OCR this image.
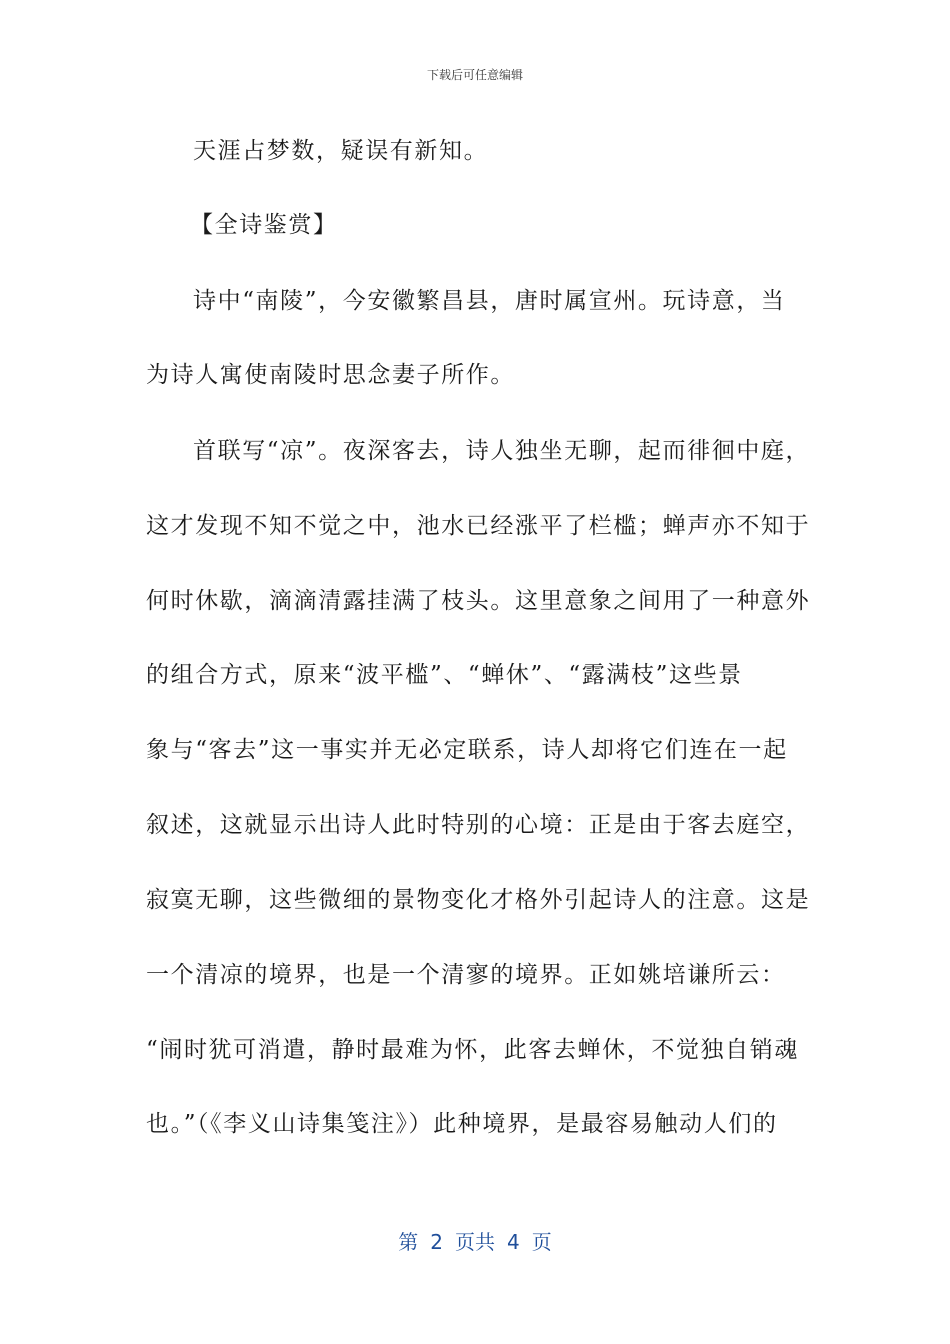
下载后可任意编辑
天涯占梦数，疑误有新知。
【全诗鉴赏】
诗中“南陵”，今安徽繁昌县，唐时属宣州。玩诗意，当
为诗人寓使南陵时思念妻子所作。
首联写“凉”。夜深客去，诗人独坐无聊，起而徘徊中庭，
这才发现不知不觉之中，池水已经涨平了栏槛；蝉声亦不知于
何时休歇，滴滴清露挂满了枝头。这里意象之间用了一种意外
的组合方式，原来“波平槛”、“蝉休”、“露满枝”这些景
象与“客去”这一事实并无必定联系，诗人却将它们连在一起
叙述，这就显示出诗人此时特别的心境：正是由于客去庭空，
寂寞无聊，这些微细的景物变化才格外引起诗人的注意。这是
一个清凉的境界，也是一个清寥的境界。正如姚培谦所云：
“闹时犹可消遣，静时最难为怀，此客去蝉休，不觉独自销魂
也。”（《李义山诗集笺注》）此种境界，是最容易触动人们的
第 2 页共 4 页
